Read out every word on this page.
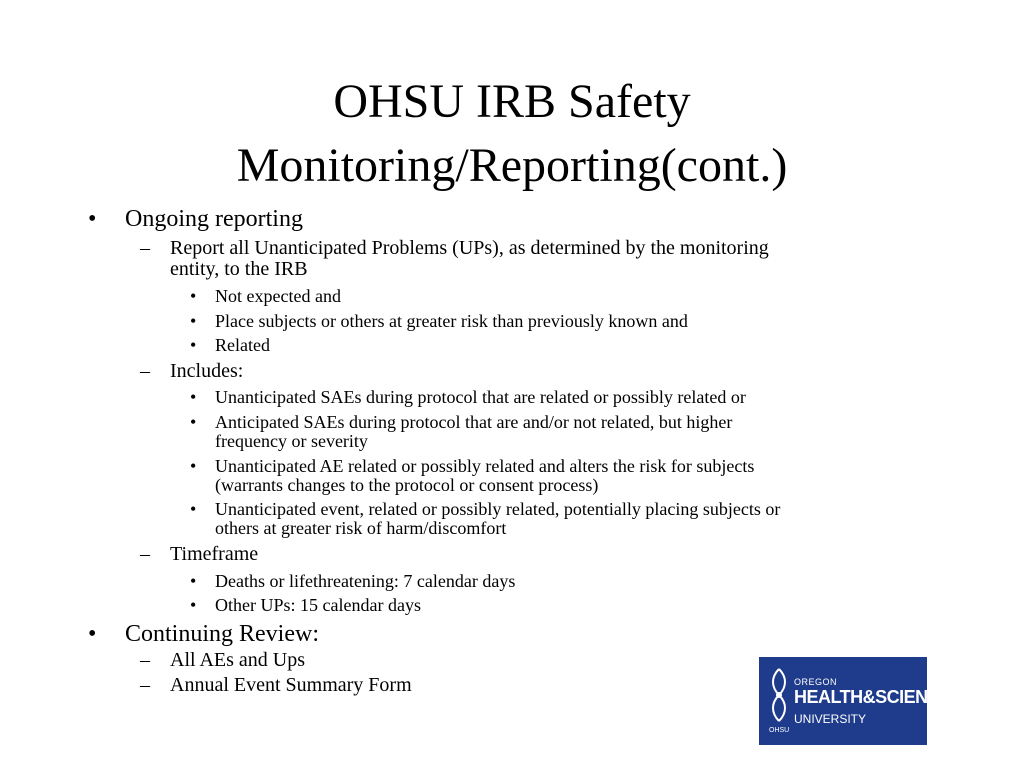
OHSU IRB Safety
Monitoring/Reporting(cont.)
• Ongoing reporting
– Report all Unanticipated Problems (UPs), as determined by the monitoring
entity, to the IRB
• Not expected and
• Place subjects or others at greater risk than previously known and
• Related
– Includes:
• Unanticipated SAEs during protocol that are related or possibly related or
• Anticipated SAEs during protocol that are and/or not related, but higher
frequency or severity
• Unanticipated AE related or possibly related and alters the risk for subjects
(warrants changes to the protocol or consent process)
• Unanticipated event, related or possibly related, potentially placing subjects or
others at greater risk of harm/discomfort
– Timeframe
• Deaths or lifethreatening: 7 calendar days
• Other UPs: 15 calendar days
• Continuing Review:
– All AEs and Ups
– Annual Event Summary Form	OREGON
HEALTH&SCIENCE
UNIVERSITY
OHSU
